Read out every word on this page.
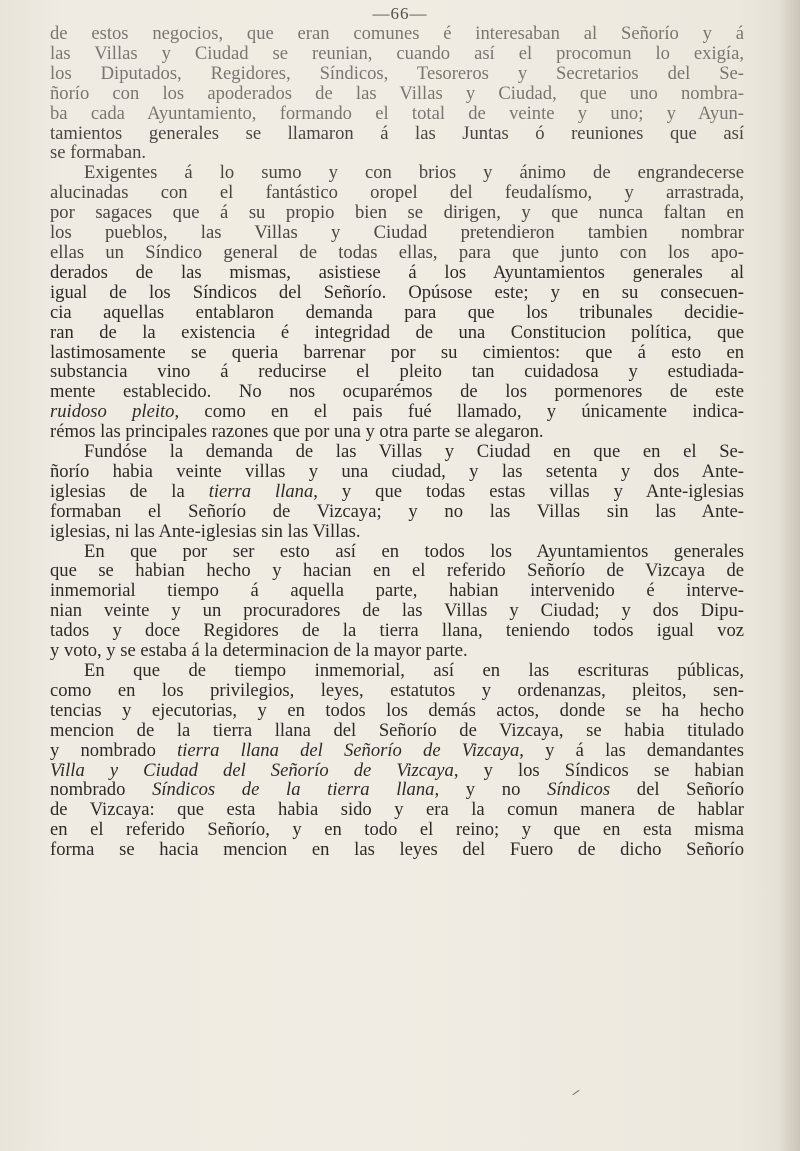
—66—
de estos negocios, que eran comunes é interesaban al Señorío y á
las Villas y Ciudad se reunian, cuando así el procomun lo exigía,
los Diputados, Regidores, Síndicos, Tesoreros y Secretarios del Se-
ñorío con los apoderados de las Villas y Ciudad, que uno nombra-
ba cada Ayuntamiento, formando el total de veinte y uno; y Ayun-
tamientos generales se llamaron á las Juntas ó reuniones que así
se formaban.
Exigentes á lo sumo y con brios y ánimo de engrandecerse
alucinadas con el fantástico oropel del feudalísmo, y arrastrada,
por sagaces que á su propio bien se dirigen, y que nunca faltan en
los pueblos, las Villas y Ciudad pretendieron tambien nombrar
ellas un Síndico general de todas ellas, para que junto con los apo-
derados de las mismas, asistiese á los Ayuntamientos generales al
igual de los Síndicos del Señorío. Opúsose este; y en su consecuen-
cia aquellas entablaron demanda para que los tribunales decidie-
ran de la existencia é integridad de una Constitucion política, que
lastimosamente se queria barrenar por su cimientos: que á esto en
substancia vino á reducirse el pleito tan cuidadosa y estudiada-
mente establecido. No nos ocuparémos de los pormenores de este
ruidoso pleito, como en el pais fué llamado, y únicamente indica-
rémos las principales razones que por una y otra parte se alegaron.
Fundóse la demanda de las Villas y Ciudad en que en el Se-
ñorío habia veinte villas y una ciudad, y las setenta y dos Ante-
iglesias de la tierra llana, y que todas estas villas y Ante-iglesias
formaban el Señorío de Vizcaya; y no las Villas sin las Ante-
iglesias, ni las Ante-iglesias sin las Villas.
En que por ser esto así en todos los Ayuntamientos generales
que se habian hecho y hacian en el referido Señorío de Vizcaya de
inmemorial tiempo á aquella parte, habian intervenido é interve-
nian veinte y un procuradores de las Villas y Ciudad; y dos Dipu-
tados y doce Regidores de la tierra llana, teniendo todos igual voz
y voto, y se estaba á la determinacion de la mayor parte.
En que de tiempo inmemorial, así en las escrituras públicas,
como en los privilegios, leyes, estatutos y ordenanzas, pleitos, sen-
tencias y ejecutorias, y en todos los demás actos, donde se ha hecho
mencion de la tierra llana del Señorío de Vizcaya, se habia titulado
y nombrado tierra llana del Señorío de Vizcaya, y á las demandantes
Villa y Ciudad del Señorío de Vizcaya, y los Síndicos se habian
nombrado Síndicos de la tierra llana, y no Síndicos del Señorío
de Vizcaya: que esta habia sido y era la comun manera de hablar
en el referido Señorío, y en todo el reino; y que en esta misma
forma se hacia mencion en las leyes del Fuero de dicho Señorío
